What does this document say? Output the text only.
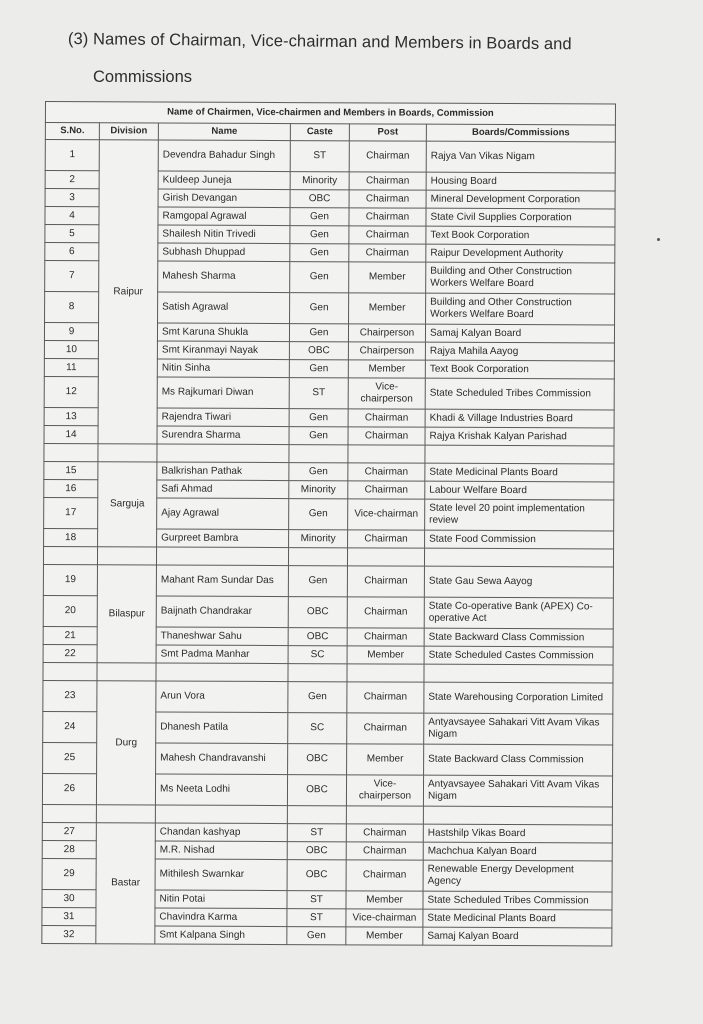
(3) Names of Chairman, Vice-chairman and Members in Boards and
Commissions
Name of Chairmen, Vice-chairmen and Members in Boards, Commission					
S.No.	Division	Name	Caste	Post	Boards/Commissions
1	Raipur	Devendra Bahadur Singh	ST	Chairman	Rajya Van Vikas Nigam
2		Kuldeep Juneja	Minority	Chairman	Housing Board
3		Girish Devangan	OBC	Chairman	Mineral Development Corporation
4		Ramgopal Agrawal	Gen	Chairman	State Civil Supplies Corporation
5		Shailesh Nitin Trivedi	Gen	Chairman	Text Book Corporation
6		Subhash Dhuppad	Gen	Chairman	Raipur Development Authority
7		Mahesh Sharma	Gen	Member	Building and Other Construction Workers Welfare Board
8		Satish Agrawal	Gen	Member	Building and Other Construction Workers Welfare Board
9		Smt Karuna Shukla	Gen	Chairperson	Samaj Kalyan Board
10		Smt Kiranmayi Nayak	OBC	Chairperson	Rajya Mahila Aayog
11		Nitin Sinha	Gen	Member	Text Book Corporation
12		Ms Rajkumari Diwan	ST	Vice-chairperson	State Scheduled Tribes Commission
13		Rajendra Tiwari	Gen	Chairman	Khadi & Village Industries Board
14		Surendra Sharma	Gen	Chairman	Rajya Krishak Kalyan Parishad

15	Sarguja	Balkrishan Pathak	Gen	Chairman	State Medicinal Plants Board
16		Safi Ahmad	Minority	Chairman	Labour Welfare Board
17		Ajay Agrawal	Gen	Vice-chairman	State level 20 point implementation review
18		Gurpreet Bambra	Minority	Chairman	State Food Commission

19	Bilaspur	Mahant Ram Sundar Das	Gen	Chairman	State Gau Sewa Aayog
20		Baijnath Chandrakar	OBC	Chairman	State Co-operative Bank (APEX) Co-operative Act
21		Thaneshwar Sahu	OBC	Chairman	State Backward Class Commission
22		Smt Padma Manhar	SC	Member	State Scheduled Castes Commission

23	Durg	Arun Vora	Gen	Chairman	State Warehousing Corporation Limited
24		Dhanesh Patila	SC	Chairman	Antyavsayee Sahakari Vitt Avam Vikas Nigam
25		Mahesh Chandravanshi	OBC	Member	State Backward Class Commission
26		Ms Neeta Lodhi	OBC	Vice-chairperson	Antyavsayee Sahakari Vitt Avam Vikas Nigam

27	Bastar	Chandan kashyap	ST	Chairman	Hastshilp Vikas Board
28		M.R. Nishad	OBC	Chairman	Machchua Kalyan Board
29		Mithilesh Swarnkar	OBC	Chairman	Renewable Energy Development Agency
30		Nitin Potai	ST	Member	State Scheduled Tribes Commission
31		Chavindra Karma	ST	Vice-chairman	State Medicinal Plants Board
32		Smt Kalpana Singh	Gen	Member	Samaj Kalyan Board
